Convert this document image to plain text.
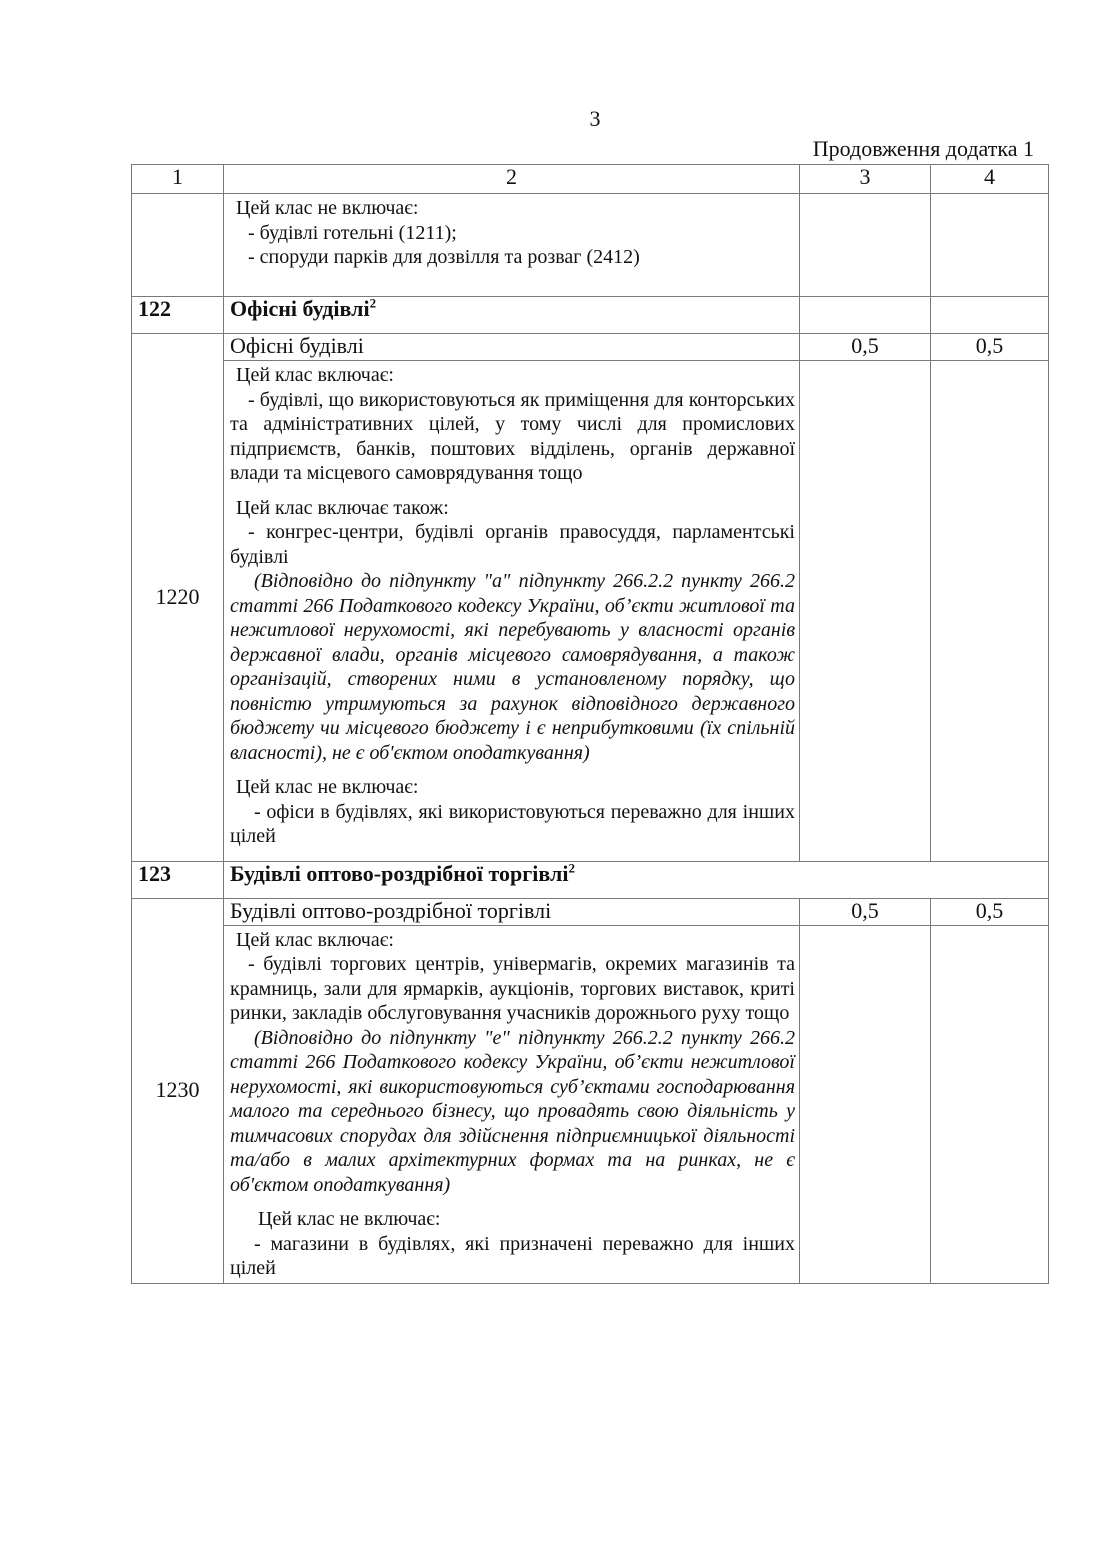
3
Продовження додатка 1
1	2	3	4

	Цей клас не включає:

- будівлі готельні (1211);

- споруди парків для дозвілля та розваг (2412)		

122	Офісні будівлі$^2$		
1220	Офісні будівлі	0,5	0,5

Цей клас включає:

- будівлі, що використовуються як приміщення для конторських та адміністративних цілей, у тому числі для промислових підприємств, банків, поштових відділень, органів державної влади та місцевого самоврядування тощо

Цей клас включає також:

- конгрес-центри, будівлі органів правосуддя, парламентські будівлі

(Відповідно до підпункту "а" підпункту 266.2.2 пункту 266.2 статті 266 Податкового кодексу України, об’єкти житлової та нежитлової нерухомості, які перебувають у власності органів державної влади, органів місцевого самоврядування, а також організацій, створених ними в установленому порядку, що повністю утримуються за рахунок відповідного державного бюджету чи місцевого бюджету і є неприбутковими (їх спільній власності), не є об'єктом оподаткування)

Цей клас не включає:

- офіси в будівлях, які використовуються переважно для інших цілей

123	Будівлі оптово-роздрібної торгівлі$^2$
1230	Будівлі оптово-роздрібної торгівлі	0,5	0,5

	Цей клас включає:

- будівлі торгових центрів, універмагів, окремих магазинів та крамниць, зали для ярмарків, аукціонів, торгових виставок, криті ринки, закладів обслуговування учасників дорожнього руху тощо

(Відповідно до підпункту "е" підпункту 266.2.2 пункту 266.2 статті 266 Податкового кодексу України, об’єкти нежитлової нерухомості, які використовуються суб’єктами господарювання малого та середнього бізнесу, що провадять свою діяльність у тимчасових спорудах для здійснення підприємницької діяльності та/або в малих архітектурних формах та на ринках, не є об'єктом оподаткування)

Цей клас не включає:

- магазини в будівлях, які призначені переважно для інших цілей		
